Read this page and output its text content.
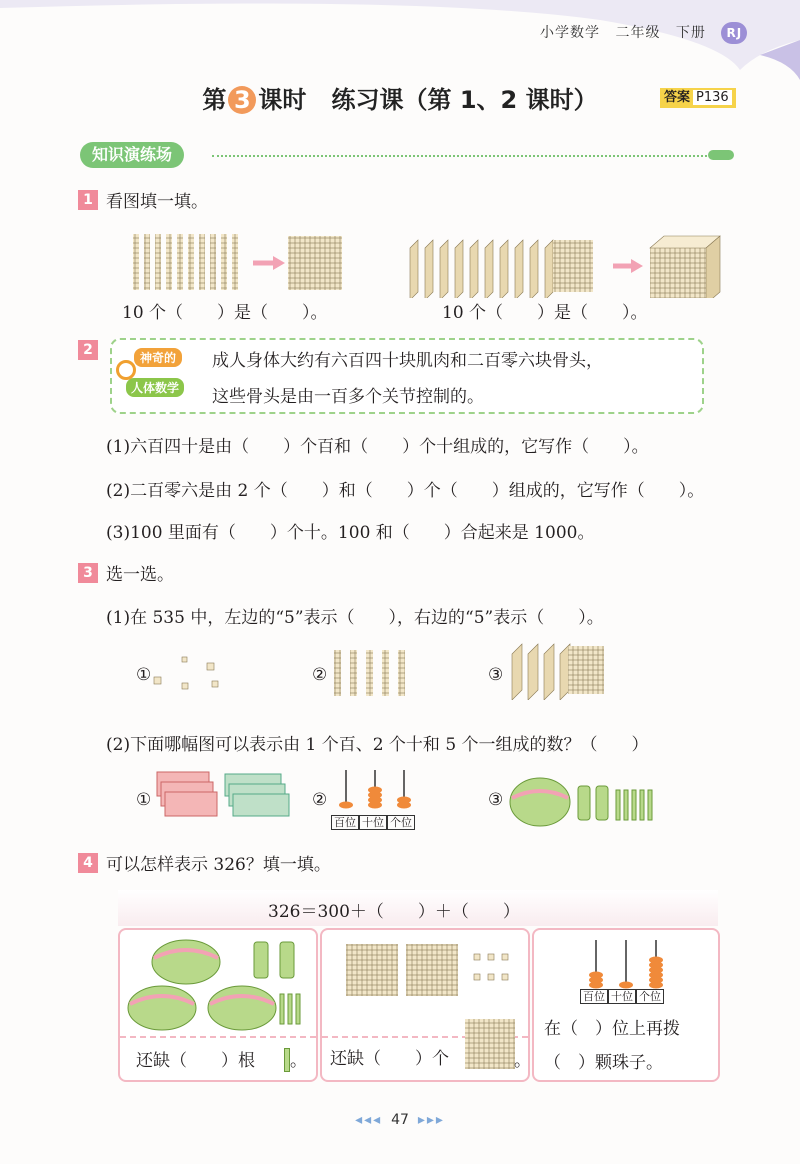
小学数学 二年级 下册 RJ
第 3 课时 练习课（第 1、2 课时）	答案 P136
知识演练场
1 看图填一填。
10 个（　　）是（　　）。	10 个（　　）是（　　）。
2	神奇的
人体数学
成人身体大约有六百四十块肌肉和二百零六块骨头，
这些骨头是由一百多个关节控制的。
(1)六百四十是由（　　）个百和（　　）个十组成的，它写作（　　）。
(2)二百零六是由 2 个（　　）和（　　）个（　　）组成的，它写作（　　）。
(3)100 里面有（　　）个十。100 和（　　）合起来是 1000。
3 选一选。
(1)在 535 中，左边的“5”表示（　　），右边的“5”表示（　　）。
①	②	③
(2)下面哪幅图可以表示由 1 个百、2 个十和 5 个一组成的数？（　　）
①	②
百位 十位 个位
③
4 可以怎样表示 326？填一填。
326＝300＋（　　）＋（　　）
还缺（　　）根 。 还缺（　　）个	。
百位 十位 个位
在（　）位上再拨
（　）颗珠子。
◂◂◂ 47 ▸▸▸
